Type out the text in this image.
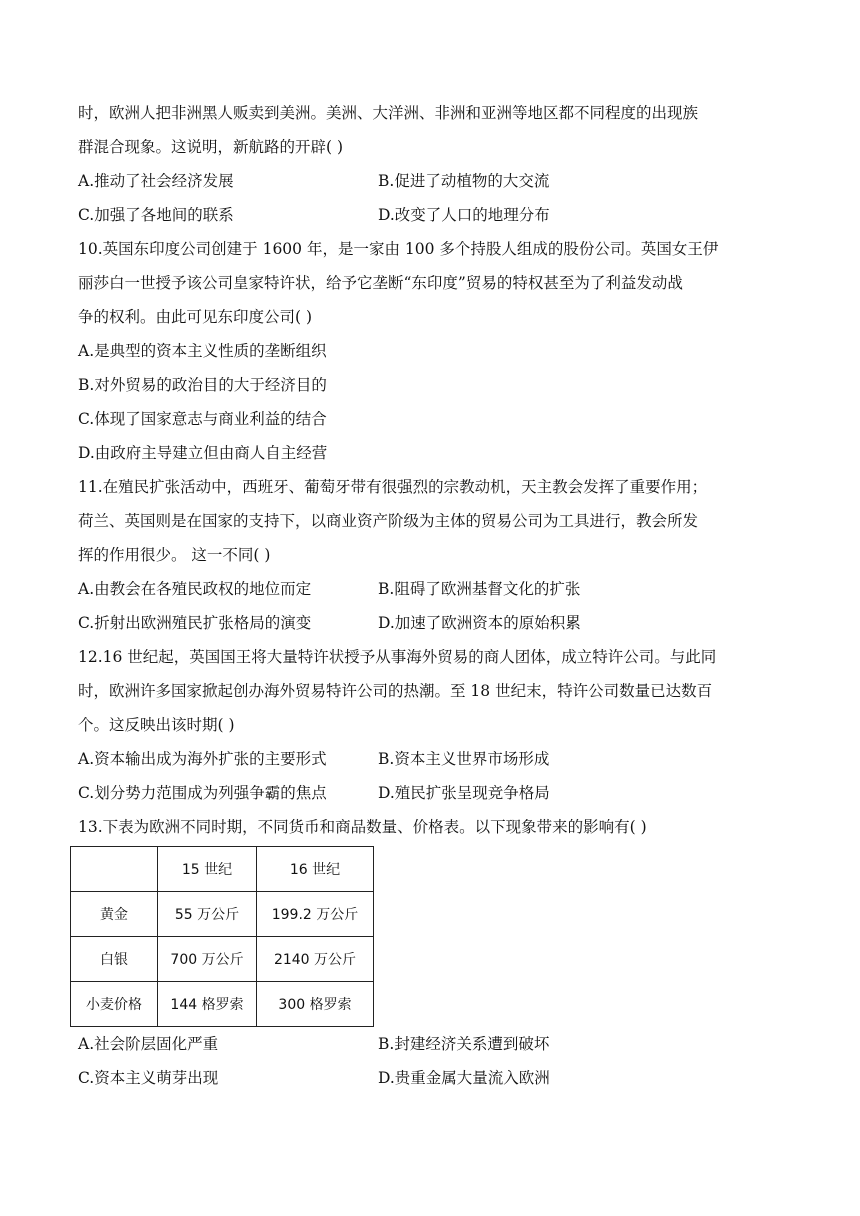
时，欧洲人把非洲黑人贩卖到美洲。美洲、大洋洲、非洲和亚洲等地区都不同程度的出现族
群混合现象。这说明，新航路的开辟( )
A.推动了社会经济发展	B.促进了动植物的大交流
C.加强了各地间的联系	D.改变了人口的地理分布
10.英国东印度公司创建于 1600 年，是一家由 100 多个持股人组成的股份公司。英国女王伊
丽莎白一世授予该公司皇家特许状，给予它垄断“东印度”贸易的特权甚至为了利益发动战
争的权利。由此可见东印度公司( )
A.是典型的资本主义性质的垄断组织
B.对外贸易的政治目的大于经济目的
C.体现了国家意志与商业利益的结合
D.由政府主导建立但由商人自主经营
11.在殖民扩张活动中，西班牙、葡萄牙带有很强烈的宗教动机，天主教会发挥了重要作用；
荷兰、英国则是在国家的支持下，以商业资产阶级为主体的贸易公司为工具进行，教会所发
挥的作用很少。 这一不同( )
A.由教会在各殖民政权的地位而定	B.阻碍了欧洲基督文化的扩张
C.折射出欧洲殖民扩张格局的演变	D.加速了欧洲资本的原始积累
12.16 世纪起，英国国王将大量特许状授予从事海外贸易的商人团体，成立特许公司。与此同
时，欧洲许多国家掀起创办海外贸易特许公司的热潮。至 18 世纪末，特许公司数量已达数百
个。这反映出该时期( )
A.资本输出成为海外扩张的主要形式	B.资本主义世界市场形成
C.划分势力范围成为列强争霸的焦点	D.殖民扩张呈现竞争格局
13.下表为欧洲不同时期，不同货币和商品数量、价格表。以下现象带来的影响有( )
	15 世纪	16 世纪
黄金	55 万公斤	199.2 万公斤
白银	700 万公斤	2140 万公斤
小麦价格	144 格罗索	300 格罗索
A.社会阶层固化严重	B.封建经济关系遭到破坏
C.资本主义萌芽出现	D.贵重金属大量流入欧洲
